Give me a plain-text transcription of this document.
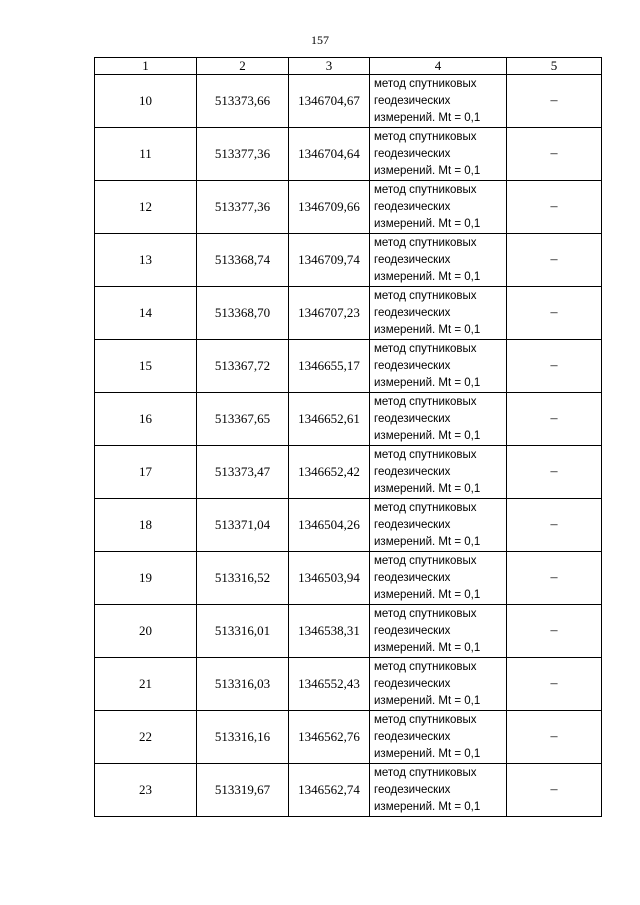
157
1	2	3	4	5
10	513373,66	1346704,67	метод спутниковых
геодезических
измерений. Mt = 0,1	–
11	513377,36	1346704,64	метод спутниковых
геодезических
измерений. Mt = 0,1	–
12	513377,36	1346709,66	метод спутниковых
геодезических
измерений. Mt = 0,1	–
13	513368,74	1346709,74	метод спутниковых
геодезических
измерений. Mt = 0,1	–
14	513368,70	1346707,23	метод спутниковых
геодезических
измерений. Mt = 0,1	–
15	513367,72	1346655,17	метод спутниковых
геодезических
измерений. Mt = 0,1	–
16	513367,65	1346652,61	метод спутниковых
геодезических
измерений. Mt = 0,1	–
17	513373,47	1346652,42	метод спутниковых
геодезических
измерений. Mt = 0,1	–
18	513371,04	1346504,26	метод спутниковых
геодезических
измерений. Mt = 0,1	–
19	513316,52	1346503,94	метод спутниковых
геодезических
измерений. Mt = 0,1	–
20	513316,01	1346538,31	метод спутниковых
геодезических
измерений. Mt = 0,1	–
21	513316,03	1346552,43	метод спутниковых
геодезических
измерений. Mt = 0,1	–
22	513316,16	1346562,76	метод спутниковых
геодезических
измерений. Mt = 0,1	–
23	513319,67	1346562,74	метод спутниковых
геодезических
измерений. Mt = 0,1	–
